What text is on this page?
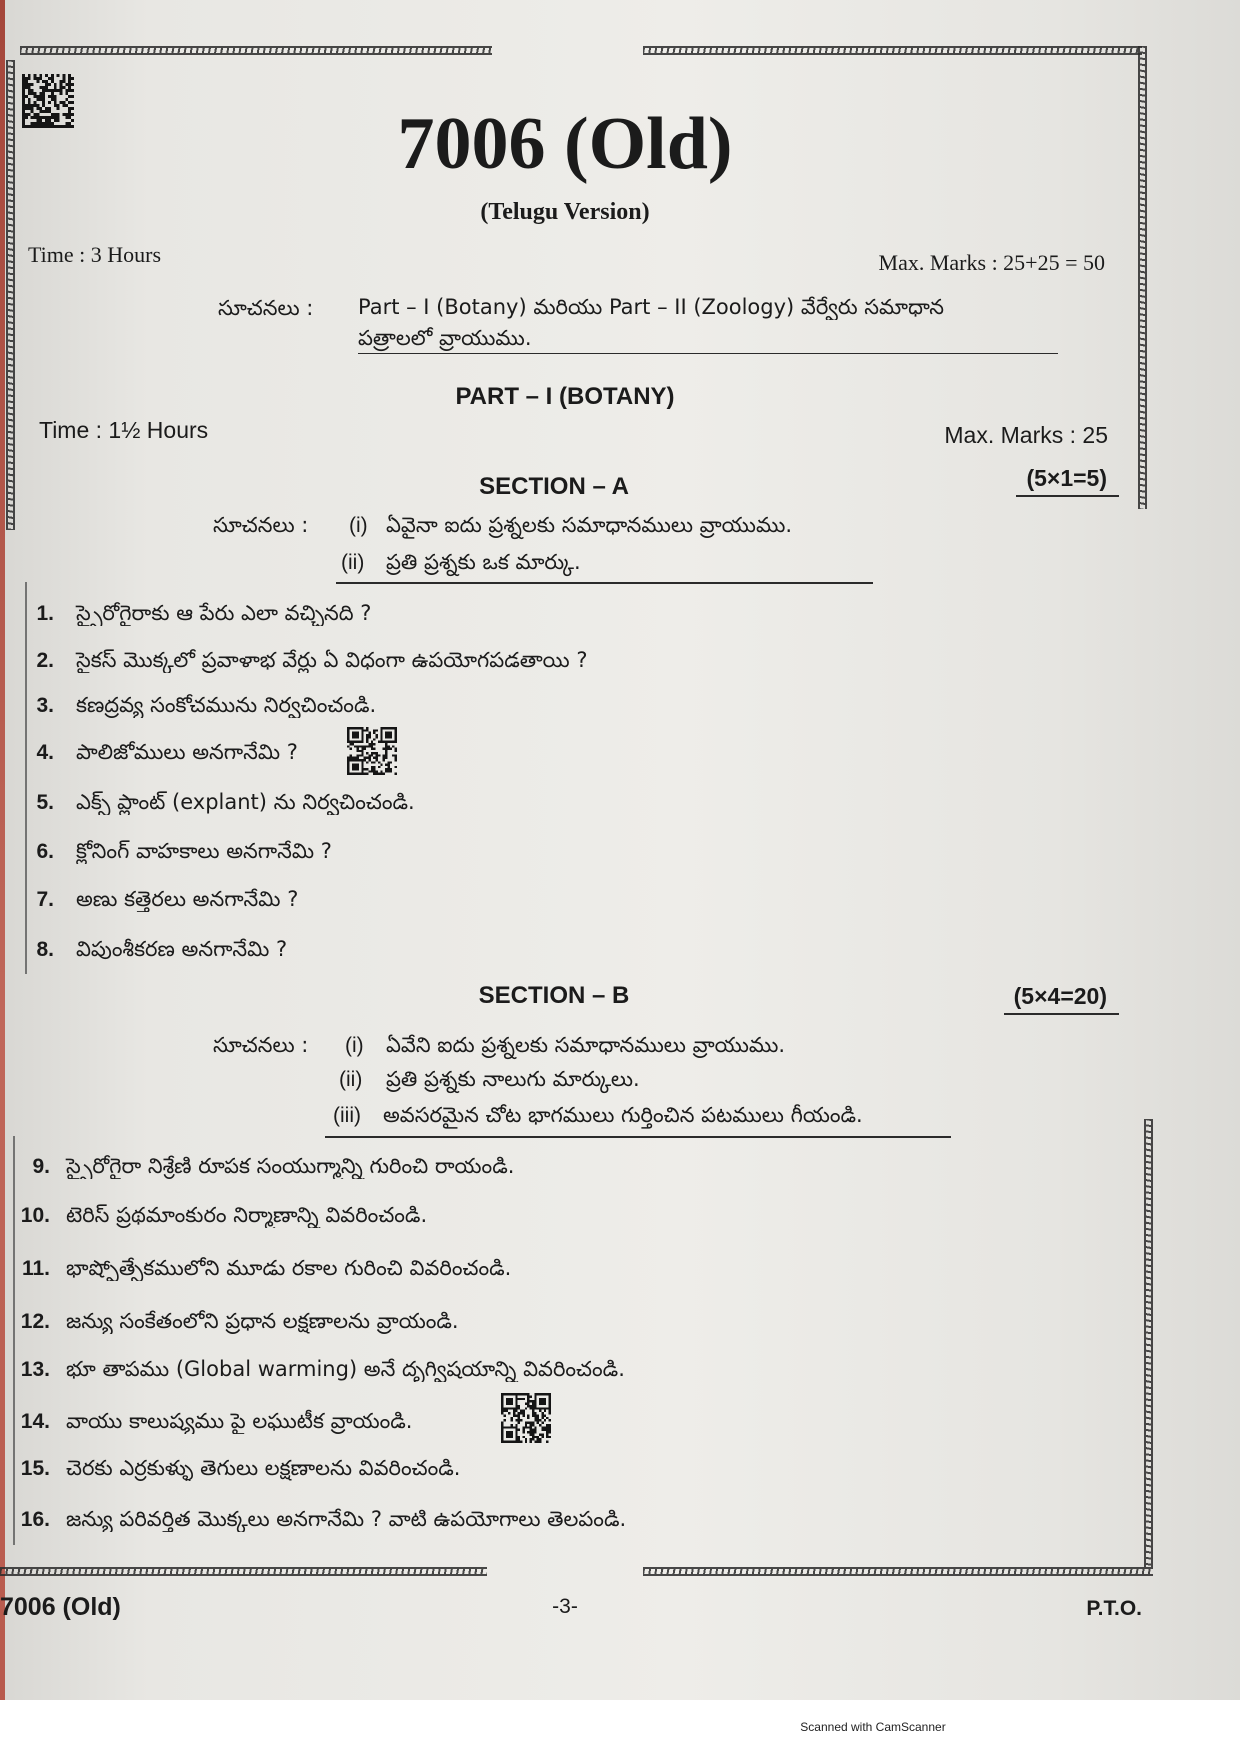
7006 (Old)
(Telugu Version)
Time : 3 Hours	Max. Marks : 25+25 = 50
సూచనలు : Part – I (Botany) మరియు Part – II (Zoology) వేర్వేరు సమాధాన
పత్రాలలో వ్రాయుము.
PART – I (BOTANY)
Time : 1½ Hours	Max. Marks : 25
SECTION – A	(5×1=5)
సూచనలు : (i) ఏవైనా ఐదు ప్రశ్నలకు సమాధానములు వ్రాయుము.
(ii) ప్రతి ప్రశ్నకు ఒక మార్కు.
1. స్పైరోగైరాకు ఆ పేరు ఎలా వచ్చినది ?
2. సైకస్ మొక్కలో ప్రవాళాభ వేర్లు ఏ విధంగా ఉపయోగపడతాయి ?
3. కణద్రవ్య సంకోచమును నిర్వచించండి.
4. పాలిజోములు అనగానేమి ?
5. ఎక్స్ ప్లాంట్ (explant) ను నిర్వచించండి.
6. క్లోనింగ్ వాహకాలు అనగానేమి ?
7. అణు కత్తెరలు అనగానేమి ?
8. విపుంశీకరణ అనగానేమి ?
SECTION – B	(5×4=20)
సూచనలు : (i) ఏవేని ఐదు ప్రశ్నలకు సమాధానములు వ్రాయుము.
(ii) ప్రతి ప్రశ్నకు నాలుగు మార్కులు.
(iii) అవసరమైన చోట భాగములు గుర్తించిన పటములు గీయండి.
9. స్పైరోగైరా నిశ్రేణి రూపక సంయుగ్మాన్ని గురించి రాయండి.
10. టెరిస్ ప్రథమాంకురం నిర్మాణాన్ని వివరించండి.
11. భాష్పోత్సేకములోని మూడు రకాల గురించి వివరించండి.
12. జన్యు సంకేతంలోని ప్రధాన లక్షణాలను వ్రాయండి.
13. భూ తాపము (Global warming) అనే దృగ్విషయాన్ని వివరించండి.
14. వాయు కాలుష్యము పై లఘుటీక వ్రాయండి.
15. చెరకు ఎర్రకుళ్ళు తెగులు లక్షణాలను వివరించండి.
16. జన్యు పరివర్తిత మొక్కలు అనగానేమి ? వాటి ఉపయోగాలు తెలపండి.
7006 (Old)	-3-	P.T.O.
Scanned with CamScanner
